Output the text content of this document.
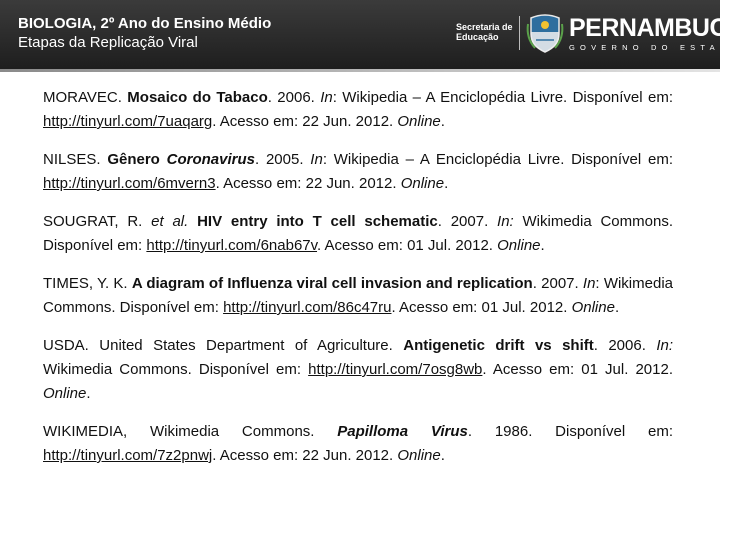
BIOLOGIA, 2º Ano do Ensino Médio
Etapas da Replicação Viral
Secretaria de
Educação	PERNAMBUCO
GOVERNO DO ESTADO

MORAVEC. Mosaico do Tabaco. 2006. In: Wikipedia – A Enciclopédia Livre. Disponível em: http://tinyurl.com/7uaqarg. Acesso em: 22 Jun. 2012. Online.

NILSES. Gênero Coronavirus. 2005. In: Wikipedia – A Enciclopédia Livre. Disponível em: http://tinyurl.com/6mvern3. Acesso em: 22 Jun. 2012. Online.

SOUGRAT, R. et al. HIV entry into T cell schematic. 2007. In: Wikimedia Commons. Disponível em: http://tinyurl.com/6nab67v. Acesso em: 01 Jul. 2012. Online.

TIMES, Y. K. A diagram of Influenza viral cell invasion and replication. 2007. In: Wikimedia Commons. Disponível em: http://tinyurl.com/86c47ru. Acesso em: 01 Jul. 2012. Online.

USDA. United States Department of Agriculture. Antigenetic drift vs shift. 2006. In: Wikimedia Commons. Disponível em: http://tinyurl.com/7osg8wb. Acesso em: 01 Jul. 2012. Online.

WIKIMEDIA, Wikimedia Commons. Papilloma Virus. 1986. Disponível em: http://tinyurl.com/7z2pnwj. Acesso em: 22 Jun. 2012. Online.
